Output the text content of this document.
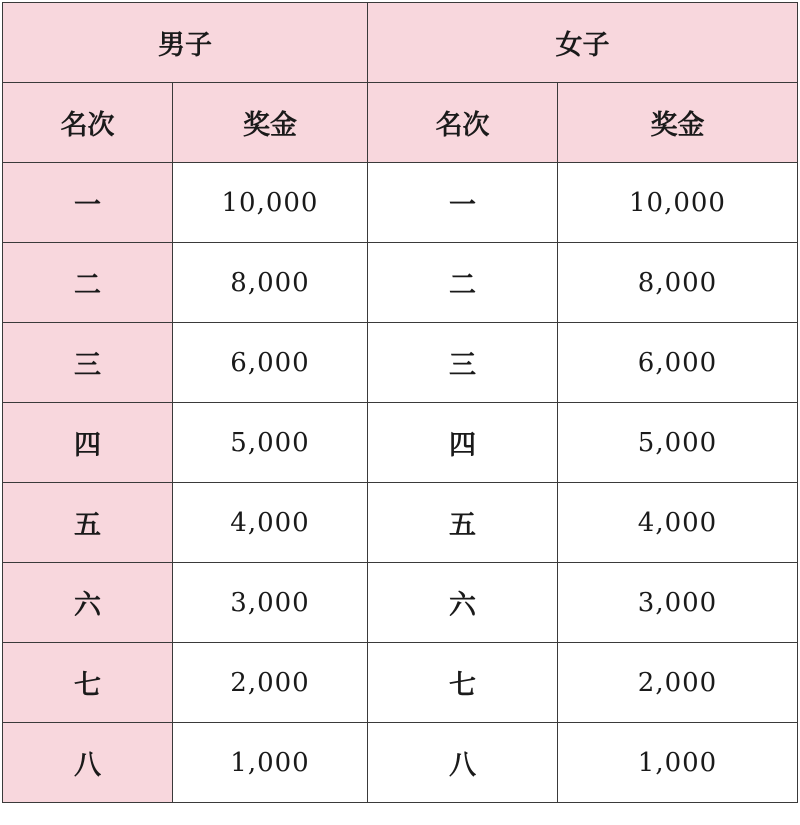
男子		女子	
名次	奖金	名次	奖金
一	10,000	一	10,000
二	8,000	二	8,000
三	6,000	三	6,000
四	5,000	四	5,000
五	4,000	五	4,000
六	3,000	六	3,000
七	2,000	七	2,000
八	1,000	八	1,000
